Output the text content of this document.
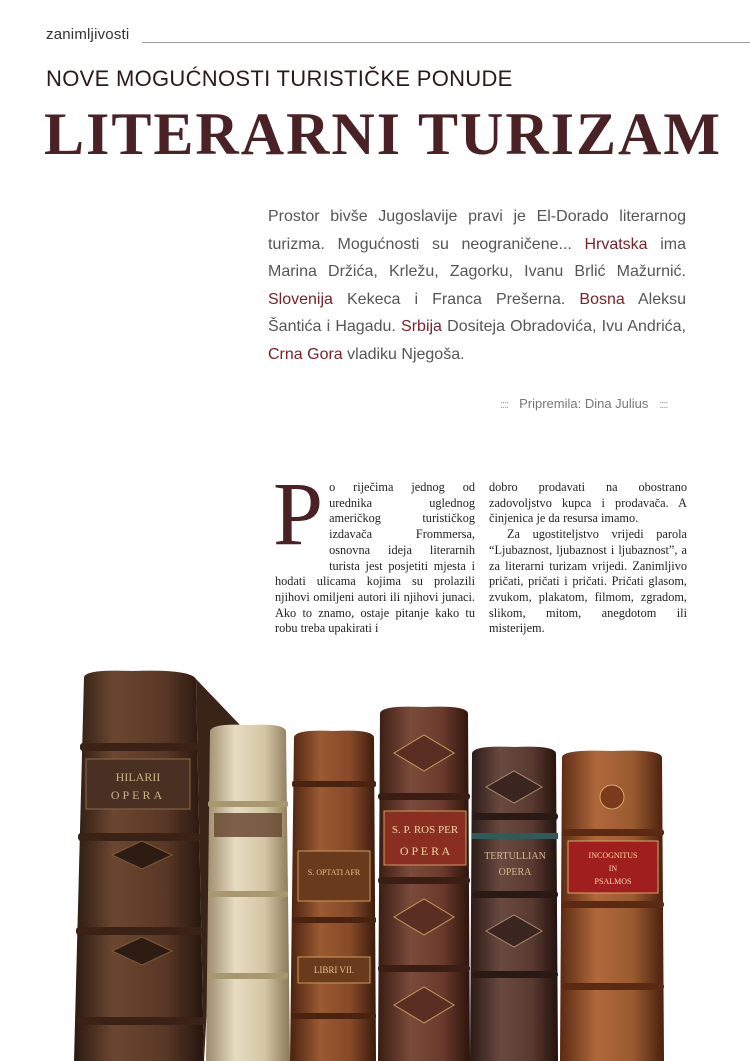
zanimljivosti
NOVE MOGUĆNOSTI TURISTIČKE PONUDE
LITERARNI TURIZAM
Prostor bivše Jugoslavije pravi je El-Dorado literarnog turizma. Mogućnosti su neograničene... Hrvatska ima Marina Držića, Krležu, Zagorku, Ivanu Brlić Mažurnić. Slovenija Kekeca i Franca Prešerna. Bosna Aleksu Šantića i Hagadu. Srbija Dositeja Obradovića, Ivu Andrića, Crna Gora vladiku Njegoša.
:::: Pripremila: Dina Julius ::::
P o riječima jednog od urednika uglednog američkog turističkog izdavača Frommersa, osnovna ideja literarnih turista jest posjetiti mjesta i hodati ulicama kojima su prolazili njihovi omiljeni autori ili njihovi junaci. Ako to znamo, ostaje pitanje kako tu robu treba upakirati i

dobro prodavati na obostrano zadovoljstvo kupca i prodavača. A činjenica je da resursa imamo.

Za ugostiteljstvo vrijedi parola “Ljubaznost, ljubaznost i ljubaznost”, a za literarni turizam vrijedi. Zanimljivo pričati, pričati i pričati. Pričati glasom, zvukom, plakatom, filmom, zgradom, slikom, mitom, anegdotom ili misterijem.

HILARII
OPERA
S. OPTATI AFR
LIBRI VII.
S. P. ROS PER
O P E R A	TERTULLIAN
OPERA
INCOGNITUS
IN
PSALMOS
